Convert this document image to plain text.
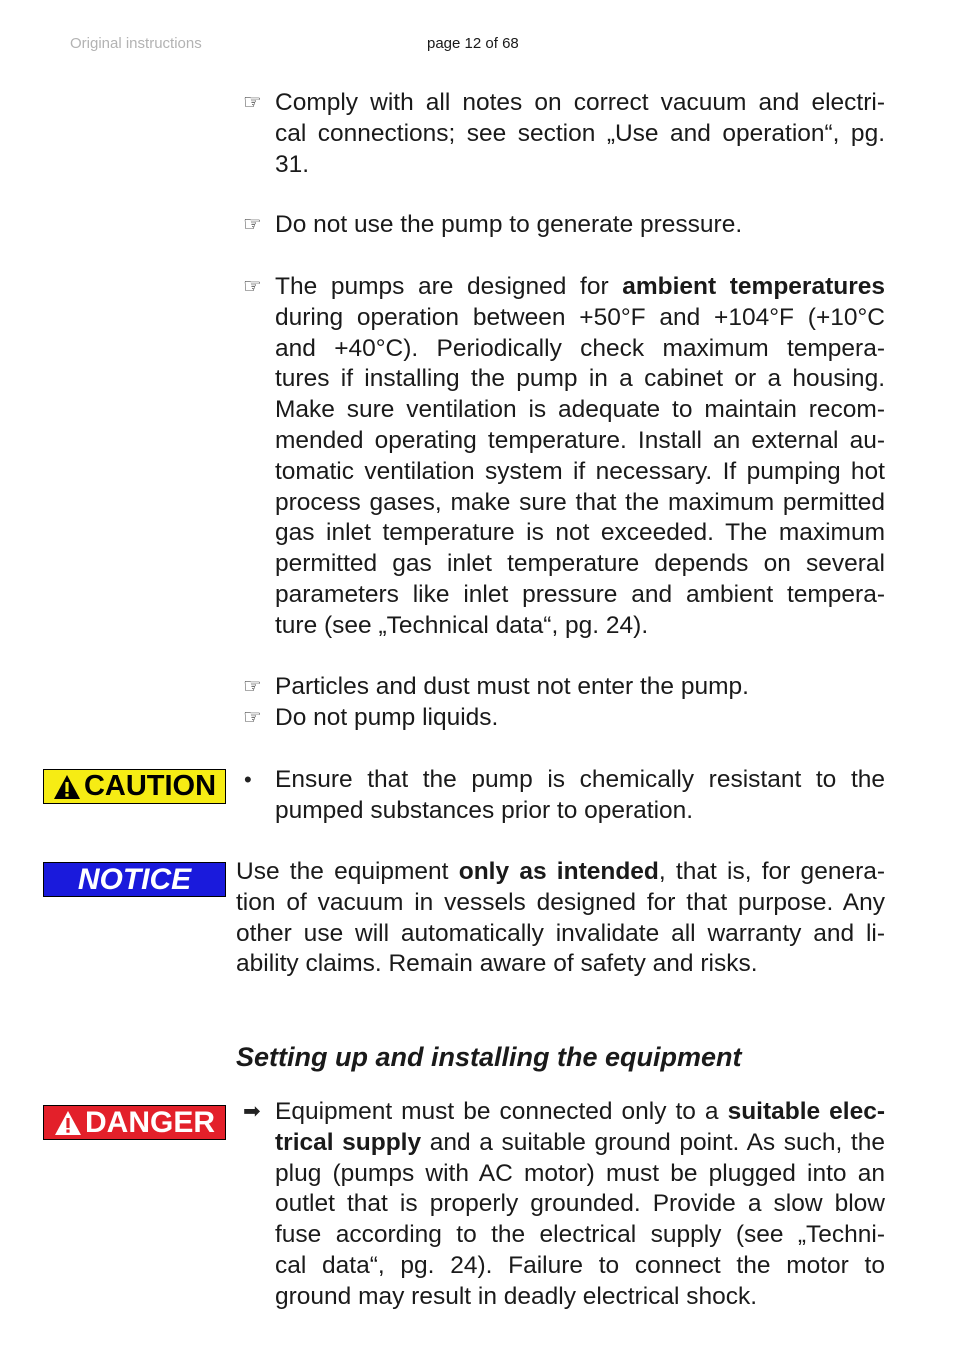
Original instructions	page 12 of 68
☞ Comply with all notes on correct vacuum and electri-
cal connections; see section „Use and operation“, pg.
31.
☞ Do not use the pump to generate pressure.
☞ The pumps are designed for ambient temperatures
during operation between +50°F and +104°F (+10°C
and +40°C). Periodically check maximum tempera-
tures if installing the pump in a cabinet or a housing.
Make sure ventilation is adequate to maintain recom-
mended operating temperature. Install an external au-
tomatic ventilation system if necessary. If pumping hot
process gases, make sure that the maximum permitted
gas inlet temperature is not exceeded. The maximum
permitted gas inlet temperature depends on several
parameters like inlet pressure and ambient tempera-
ture (see „Technical data“, pg. 24).
☞ Particles and dust must not enter the pump.
☞ Do not pump liquids.
CAUTION • Ensure that the pump is chemically resistant to the
pumped substances prior to operation.
NOTICE Use the equipment only as intended, that is, for genera-
tion of vacuum in vessels designed for that purpose. Any
other use will automatically invalidate all warranty and li-
ability claims. Remain aware of safety and risks.
Setting up and installing the equipment
DANGER ➡ Equipment must be connected only to a suitable elec-
trical supply and a suitable ground point. As such, the
plug (pumps with AC motor) must be plugged into an
outlet that is properly grounded. Provide a slow blow
fuse according to the electrical supply (see „Techni-
cal data“, pg. 24). Failure to connect the motor to
ground may result in deadly electrical shock.
